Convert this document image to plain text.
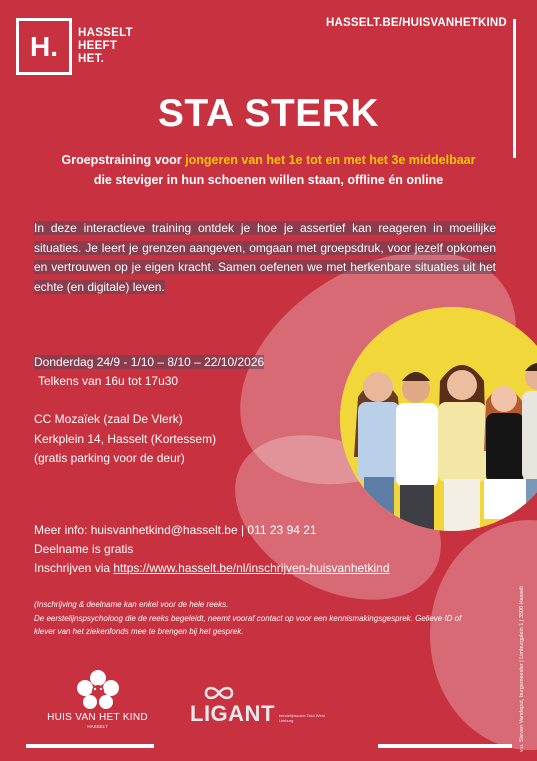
H.	HASSELT
HEEFT
HET.
HASSELT.BE/HUISVANHETKIND
STA STERK
Groepstraining voor jongeren van het 1e tot en met het 3e middelbaar
die steviger in hun schoenen willen staan, offline én online
In deze interactieve training ontdek je hoe je assertief kan reageren in moeilijke situaties. Je leert je grenzen aangeven, omgaan met groepsdruk, voor jezelf opkomen en vertrouwen op je eigen kracht. Samen oefenen we met herkenbare situaties uit het echte (en digitale) leven.
Donderdag 24/9 - 1/10 – 8/10 – 22/10/2026
Telkens van 16u tot 17u30
CC Mozaïek (zaal De Vlerk)
Kerkplein 14, Hasselt (Kortessem)
(gratis parking voor de deur)
Meer info: huisvanhetkind@hasselt.be | 011 23 94 21
Deelname is gratis
Inschrijven via https://www.hasselt.be/nl/inschrijven-huisvanhetkind
(Inschrijving & deelname kan enkel voor de hele reeks.
De eerstelijnspsycholoog die de reeks begeleidt, neemt vooraf contact op voor een kennismakingsgesprek. Gelieve ID of klever van het ziekenfonds mee te brengen bij het gesprek.	v.u. Steven Vandeput, burgemeester | Limburgplein 1 | 3500 Hasselt
HUIS VAN HET KIND
HASSELT
LIGANT eerstelijnszone Zuid-West Limburg
